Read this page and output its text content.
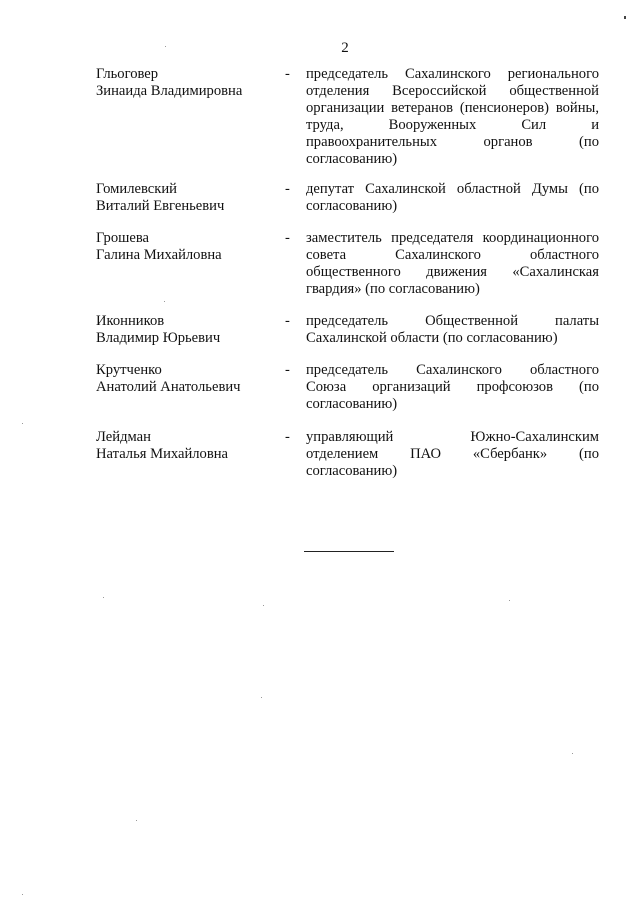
2
Гльоговер
Зинаида Владимировна
- председатель Сахалинского регионального
отделения Всероссийской общественной
организации ветеранов (пенсионеров) войны,
труда, Вооруженных Сил и
правоохранительных органов (по
согласованию)
Гомилевский
Виталий Евгеньевич
- депутат Сахалинской областной Думы (по
согласованию)
Грошева
Галина Михайловна
- заместитель председателя координационного
совета Сахалинского областного
общественного движения «Сахалинская
гвардия» (по согласованию)
Иконников
Владимир Юрьевич
- председатель Общественной палаты
Сахалинской области (по согласованию)
Крутченко
Анатолий Анатольевич
- председатель Сахалинского областного
Союза организаций профсоюзов (по
согласованию)
Лейдман
Наталья Михайловна
- управляющий Южно-Сахалинским
отделением ПАО «Сбербанк» (по
согласованию)
